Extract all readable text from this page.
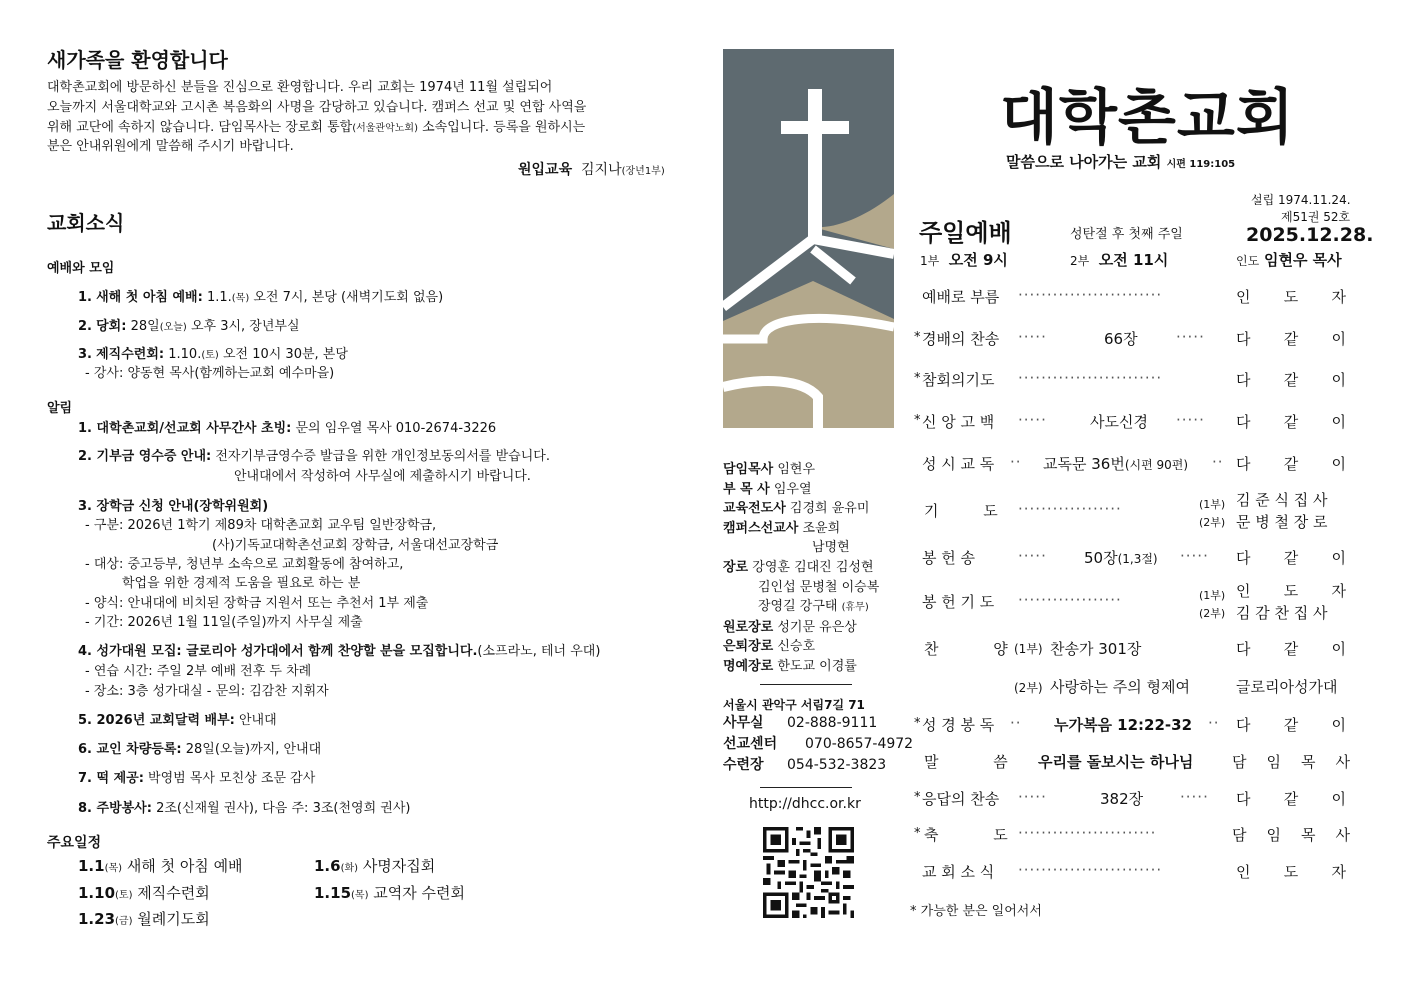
새가족을 환영합니다
대학촌교회에 방문하신 분들을 진심으로 환영합니다. 우리 교회는 1974년 11월 설립되어
오늘까지 서울대학교와 고시촌 복음화의 사명을 감당하고 있습니다. 캠퍼스 선교 및 연합 사역을
위해 교단에 속하지 않습니다. 담임목사는 장로회 통합(서울관악노회) 소속입니다. 등록을 원하시는
분은 안내위원에게 말씀해 주시기 바랍니다.
원입교육 김지나(장년1부)
교회소식
예배와 모임
1. 새해 첫 아침 예배: 1.1.(목) 오전 7시, 본당 (새벽기도회 없음)
2. 당회: 28일(오늘) 오후 3시, 장년부실
3. 제직수련회: 1.10.(토) 오전 10시 30분, 본당
- 강사: 양동현 목사(함께하는교회 예수마을)
알림
1. 대학촌교회/선교회 사무간사 초빙: 문의 임우열 목사 010-2674-3226
2. 기부금 영수증 안내: 전자기부금영수증 발급을 위한 개인정보동의서를 받습니다.
안내대에서 작성하여 사무실에 제출하시기 바랍니다.
3. 장학금 신청 안내(장학위원회)
- 구분: 2026년 1학기 제89차 대학촌교회 교우팀 일반장학금,
(사)기독교대학촌선교회 장학금, 서울대선교장학금
- 대상: 중고등부, 청년부 소속으로 교회활동에 참여하고,
학업을 위한 경제적 도움을 필요로 하는 분
- 양식: 안내대에 비치된 장학금 지원서 또는 추천서 1부 제출
- 기간: 2026년 1월 11일(주일)까지 사무실 제출
4. 성가대원 모집: 글로리아 성가대에서 함께 찬양할 분을 모집합니다.(소프라노, 테너 우대)
- 연습 시간: 주일 2부 예배 전후 두 차례
- 장소: 3층 성가대실 - 문의: 김감찬 지휘자
5. 2026년 교회달력 배부: 안내대
6. 교인 차량등록: 28일(오늘)까지, 안내대
7. 떡 제공: 박영범 목사 모친상 조문 감사
8. 주방봉사: 2조(신재월 권사), 다음 주: 3조(천영희 권사)
주요일정
1.1(목) 새해 첫 아침 예배	1.6(화) 사명자집회
1.10(토) 제직수련회	1.15(목) 교역자 수련회
1.23(금) 월례기도회
담임목사 임현우
부 목 사 임우열
교육전도사 김경희 윤유미
캠퍼스선교사 조윤희
남명현
장로 강영훈 김대진 김성현
김인섭 문병철 이승복
장영길 강구태 (휴무)
원로장로 성기문 유은상
은퇴장로 신승호
명예장로 한도교 이경률
서울시 관악구 서림7길 71
사무실 02-888-9111
선교센터 070-8657-4972
수련장 054-532-3823
http://dhcc.or.kr
대학촌교회
말씀으로 나아가는 교회 시편 119:105
설립 1974.11.24.
제51권 52호
2025.12.28.
주일예배	성탄절 후 첫째 주일
1부 오전 9시	2부 오전 11시	인도 임현우 목사
예배로 부름 ·························	인 도 자
* 경배의 찬송 ·····	66장	····· 다 같 이
* 참회의기도 ·························	다 같 이
* 신 앙 고 백 ·····	사도신경 ····· 다 같 이
성 시 교 독 ·· 교독문 36번(시편 90편) ·· 다 같 이
기 도 ··················	(1부) 김 준 식 집 사
(2부) 문 병 철 장 로
봉 헌 송	····· 50장(1,3절) ····· 다 같 이
봉 헌 기 도 ··················	(1부) 인 도 자
(2부) 김 감 찬 집 사
찬 양 (1부) 찬송가 301장	다 같 이
(2부) 사랑하는 주의 형제여	글로리아성가대
* 성 경 봉 독 ·· 누가복음 12:22-32 ·· 다 같 이
말 씀 우리를 돌보시는 하나님	담 임 목 사
* 응답의 찬송 ·····	382장 ····· 다 같 이
* 축 도 ························	담 임 목 사
교 회 소 식 ·························	인 도 자
* 가능한 분은 일어서서
